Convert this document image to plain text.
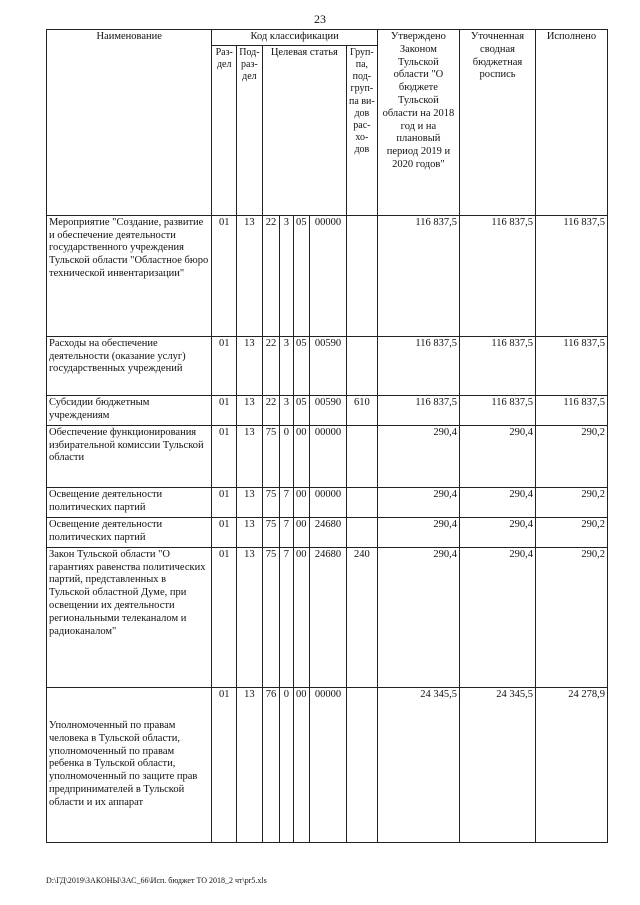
23
Наименование	Код классификации							Утверждено Законом Тульской области "О бюджете Тульской области на 2018 год и на плановый период 2019 и 2020 годов"	Уточненная сводная бюджетная роспись	Исполнено
	Раз-дел	Под-раз-дел	Целевая статья				Груп-па, под-груп-па ви-дов рас-хо-дов			
Мероприятие "Создание, развитие и обеспечение деятельности государственного учреждения Тульской области "Областное бюро технической инвентаризации"	01	13	22	3	05	00000		116 837,5	116 837,5	116 837,5
Расходы на обеспечение деятельности (оказание услуг) государственных учреждений	01	13	22	3	05	00590		116 837,5	116 837,5	116 837,5
Субсидии бюджетным учреждениям	01	13	22	3	05	00590	610	116 837,5	116 837,5	116 837,5
Обеспечение функционирования избирательной комиссии Тульской области	01	13	75	0	00	00000		290,4	290,4	290,2
Освещение деятельности политических партий	01	13	75	7	00	00000		290,4	290,4	290,2
Освещение деятельности политических партий	01	13	75	7	00	24680		290,4	290,4	290,2
Закон Тульской области "О гарантиях равенства политических партий, представленных в Тульской областной Думе, при освещении их деятельности региональными телеканалом и радиоканалом"	01	13	75	7	00	24680	240	290,4	290,4	290,2
Уполномоченный по правам человека в Тульской области, уполномоченный по правам ребенка в Тульской области, уполномоченный по защите прав предпринимателей в Тульской области и их аппарат	01	13	76	0	00	00000		24 345,5	24 345,5	24 278,9
D:\ГД\2019\ЗАКОНЫ\ЗАС_66\Исп. бюджет ТО 2018_2 чт\pr5.xls
